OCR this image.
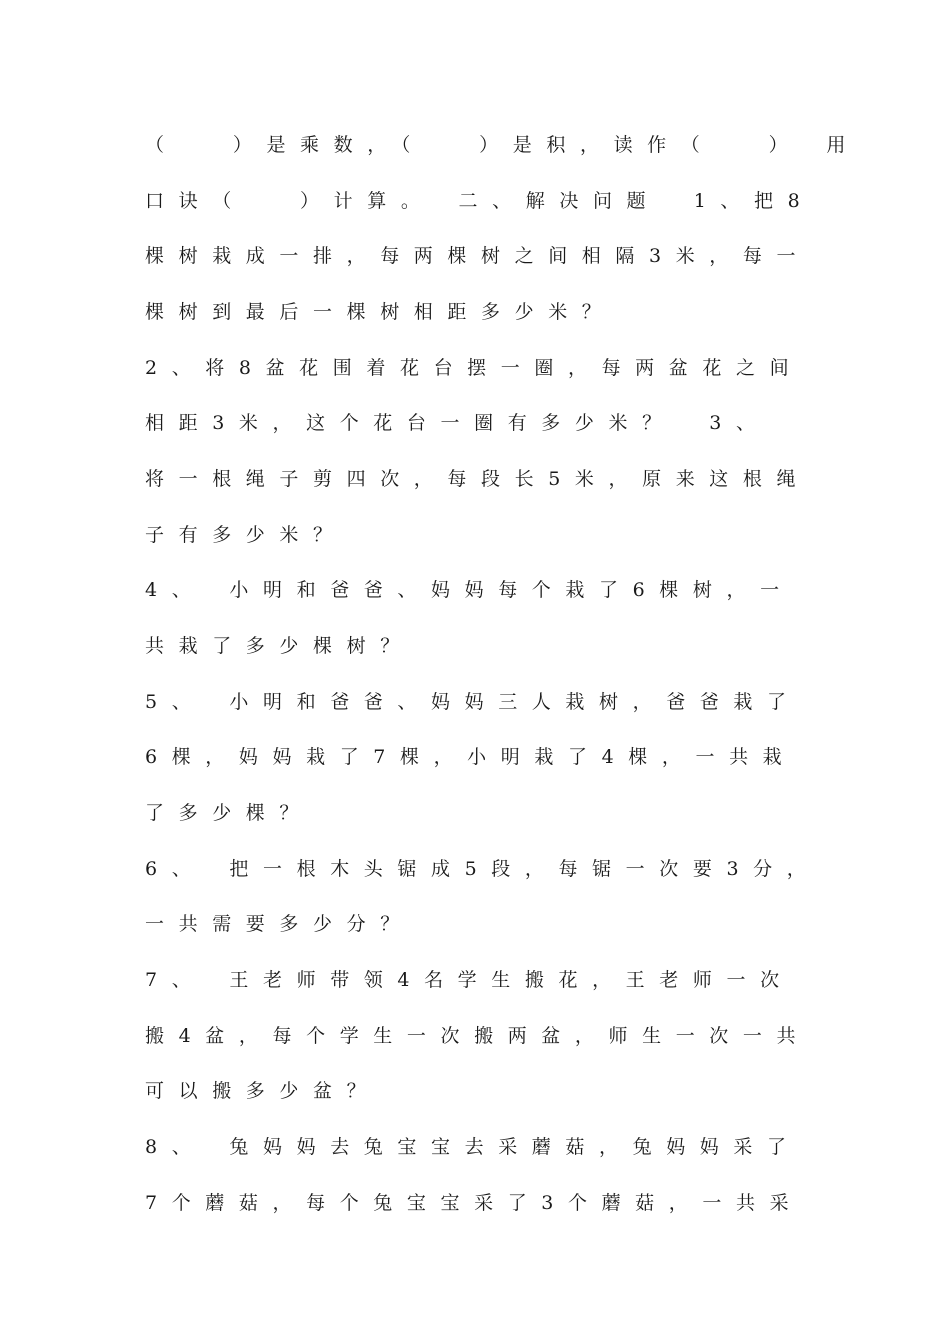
（　 ）是乘数，（　 ）是积，读作（　 ）　用
口诀（　 ）计算。　二、解决问题　1、把8
棵树栽成一排，每两棵树之间相隔3米，每一
棵树到最后一棵树相距多少米？
2、将8盆花围着花台摆一圈，每两盆花之间
相距3米，这个花台一圈有多少米？　3、
将一根绳子剪四次，每段长5米，原来这根绳
子有多少米？
4、　小明和爸爸、妈妈每个栽了6棵树，一
共栽了多少棵树？
5、　小明和爸爸、妈妈三人栽树，爸爸栽了
6棵，妈妈栽了7棵，小明栽了4棵，一共栽
了多少棵？
6、　把一根木头锯成5段，每锯一次要3分，
一共需要多少分？
7、　王老师带领4名学生搬花，王老师一次
搬4盆，每个学生一次搬两盆，师生一次一共
可以搬多少盆？
8、　兔妈妈去兔宝宝去采蘑菇，兔妈妈采了
7个蘑菇，每个兔宝宝采了3个蘑菇，一共采
